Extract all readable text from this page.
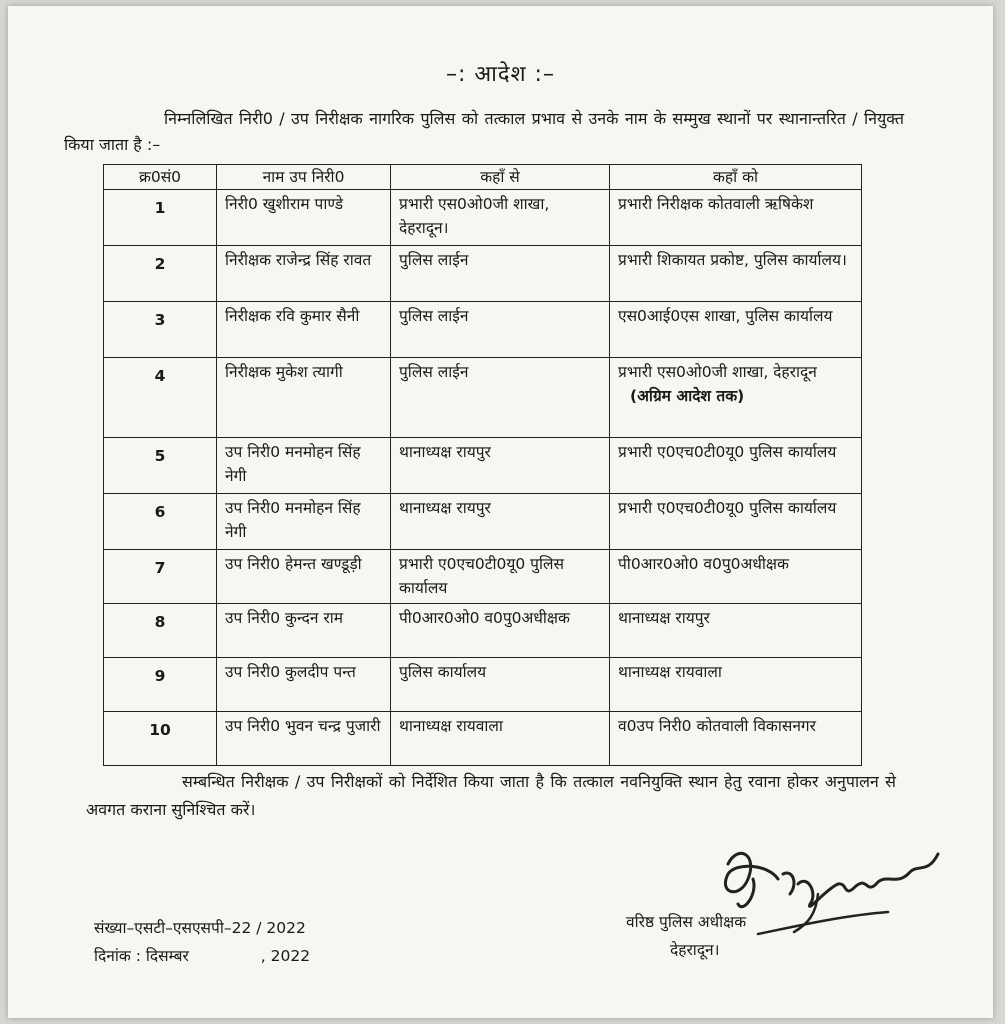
–: आदेश :–
निम्नलिखित निरी0 / उप निरीक्षक नागरिक पुलिस को तत्काल प्रभाव से उनके नाम के सम्मुख स्थानों पर स्थानान्तरित / नियुक्त किया जाता है :–
क्र0सं0	नाम उप निरी0	कहाँ से	कहाँ को
1	निरी0 खुशीराम पाण्डे	प्रभारी एस0ओ0जी शाखा, देहरादून।	प्रभारी निरीक्षक कोतवाली ऋषिकेश
2	निरीक्षक राजेन्द्र सिंह रावत	पुलिस लाईन	प्रभारी शिकायत प्रकोष्ट, पुलिस कार्यालय।
3	निरीक्षक रवि कुमार सैनी	पुलिस लाईन	एस0आई0एस शाखा, पुलिस कार्यालय
4	निरीक्षक मुकेश त्यागी	पुलिस लाईन	प्रभारी एस0ओ0जी शाखा, देहरादून
(अग्रिम आदेश तक)

5	उप निरी0 मनमोहन सिंह नेगी	थानाध्यक्ष रायपुर	प्रभारी ए0एच0टी0यू0 पुलिस कार्यालय
6	उप निरी0 मनमोहन सिंह नेगी	थानाध्यक्ष रायपुर	प्रभारी ए0एच0टी0यू0 पुलिस कार्यालय
7	उप निरी0 हेमन्त खण्डूड़ी	प्रभारी ए0एच0टी0यू0 पुलिस कार्यालय	पी0आर0ओ0 व0पु0अधीक्षक
8	उप निरी0 कुन्दन राम	पी0आर0ओ0 व0पु0अधीक्षक	थानाध्यक्ष रायपुर
9	उप निरी0 कुलदीप पन्त	पुलिस कार्यालय	थानाध्यक्ष रायवाला
10	उप निरी0 भुवन चन्द्र पुजारी	थानाध्यक्ष रायवाला	व0उप निरी0 कोतवाली विकासनगर
सम्बन्धित निरीक्षक / उप निरीक्षकों को निर्देशित किया जाता है कि तत्काल नवनियुक्ति स्थान हेतु रवाना होकर अनुपालन से अवगत कराना सुनिश्चित करें।
संख्या–एसटी–एसएसपी–22 / 2022
दिनांक : दिसम्बर	, 2022
वरिष्ठ पुलिस अधीक्षक
देहरादून।
